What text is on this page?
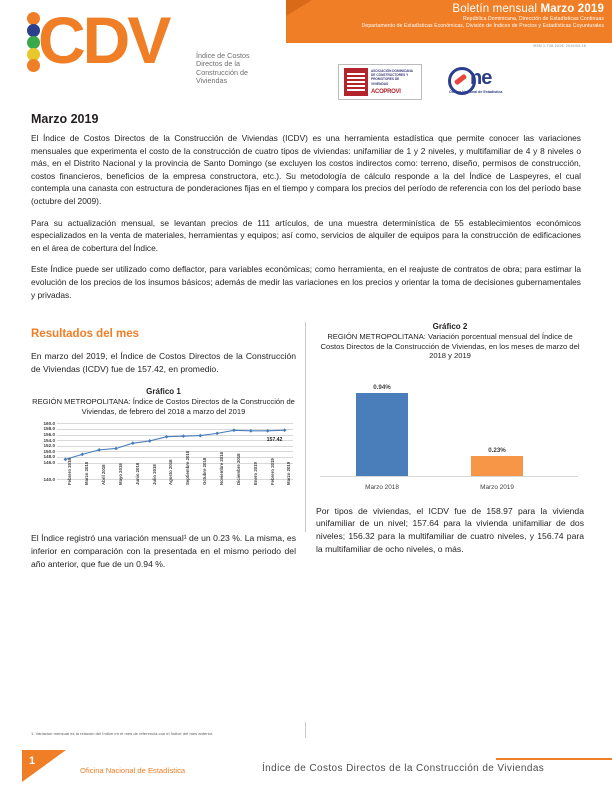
Boletín mensual Marzo 2019
República Dominicana, Dirección de Estadísticas Continuas
Departamento de Estadísticas Económicas, División de Índices de Precios y Estadísticas Coyunturales
ISSN 1-749-2019, 2019/03-18
CDV	Índice de Costos Directos de la Construcción de Viviendas
ASOCIACIÓN DOMINICANA DE CONSTRUCTORES Y PROMOTORES DE VIVIENDAS
ACOPROVI
ne
Oficina Nacional de Estadística
Marzo 2019

El Índice de Costos Directos de la Construcción de Viviendas (ICDV) es una herramienta estadística que permite conocer las variaciones mensuales que experimenta el costo de la construcción de cuatro tipos de viviendas: unifamiliar de 1 y 2 niveles, y multifamiliar de 4 y 8 niveles o más, en el Distrito Nacional y la provincia de Santo Domingo (se excluyen los costos indirectos como: terreno, diseño, permisos de construcción, costos financieros, beneficios de la empresa constructora, etc.). Su metodología de cálculo responde a la del Índice de Laspeyres, el cual contempla una canasta con estructura de ponderaciones fijas en el tiempo y compara los precios del período de referencia con los del período base (octubre del 2009).

Para su actualización mensual, se levantan precios de 111 artículos, de una muestra determinística de 55 establecimientos económicos especializados en la venta de materiales, herramientas y equipos; así como, servicios de alquiler de equipos para la construcción de edificaciones en el área de cobertura del Índice.

Este Índice puede ser utilizado como deflactor, para variables económicas; como herramienta, en el reajuste de contratos de obra; para estimar la evolución de los precios de los insumos básicos; además de medir las variaciones en los precios y orientar la toma de decisiones gubernamentales y privadas.

Resultados del mes

En marzo del 2019, el Índice de Costos Directos de la Construcción de Viviendas (ICDV) fue de 157.42, en promedio.

Gráfico 1
REGIÓN METROPOLITANA: Índice de Costos Directos de la Construcción de Viviendas, de febrero del 2018 a marzo del 2019
160.0
158.0
156.0
154.0
152.0
150.0
148.0
146.0
140.0
157.42
Febrero 2018	Marzo 2018	Abril 2018	Mayo 2018	Junio 2018	Julio 2018	Agosto 2018	Septiembre 2018	Octubre 2018	Noviembre 2018	Diciembre 2018	Enero 2019	Febrero 2019	Marzo 2019

El Índice registró una variación mensual¹ de un 0.23 %. La misma, es inferior en comparación con la presentada en el mismo periodo del año anterior, que fue de un 0.94 %.

Gráfico 2
REGIÓN METROPOLITANA: Variación porcentual mensual del Índice de Costos Directos de la Construcción de Viviendas, en los meses de marzo del 2018 y 2019
0.94%
Marzo 2018
0.23%
Marzo 2019

Por tipos de viviendas, el ICDV fue de 158.97 para la vivienda unifamiliar de un nivel; 157.64 para la vivienda unifamiliar de dos niveles; 156.32 para la multifamiliar de cuatro niveles, y 156.74 para la multifamiliar de ocho niveles, o más.

1. Variación mensual es la relación del Índice en el mes de referencia con el Índice del mes anterior.
1
Oficina Nacional de Estadística	Índice de Costos Directos de la Construcción de Viviendas
